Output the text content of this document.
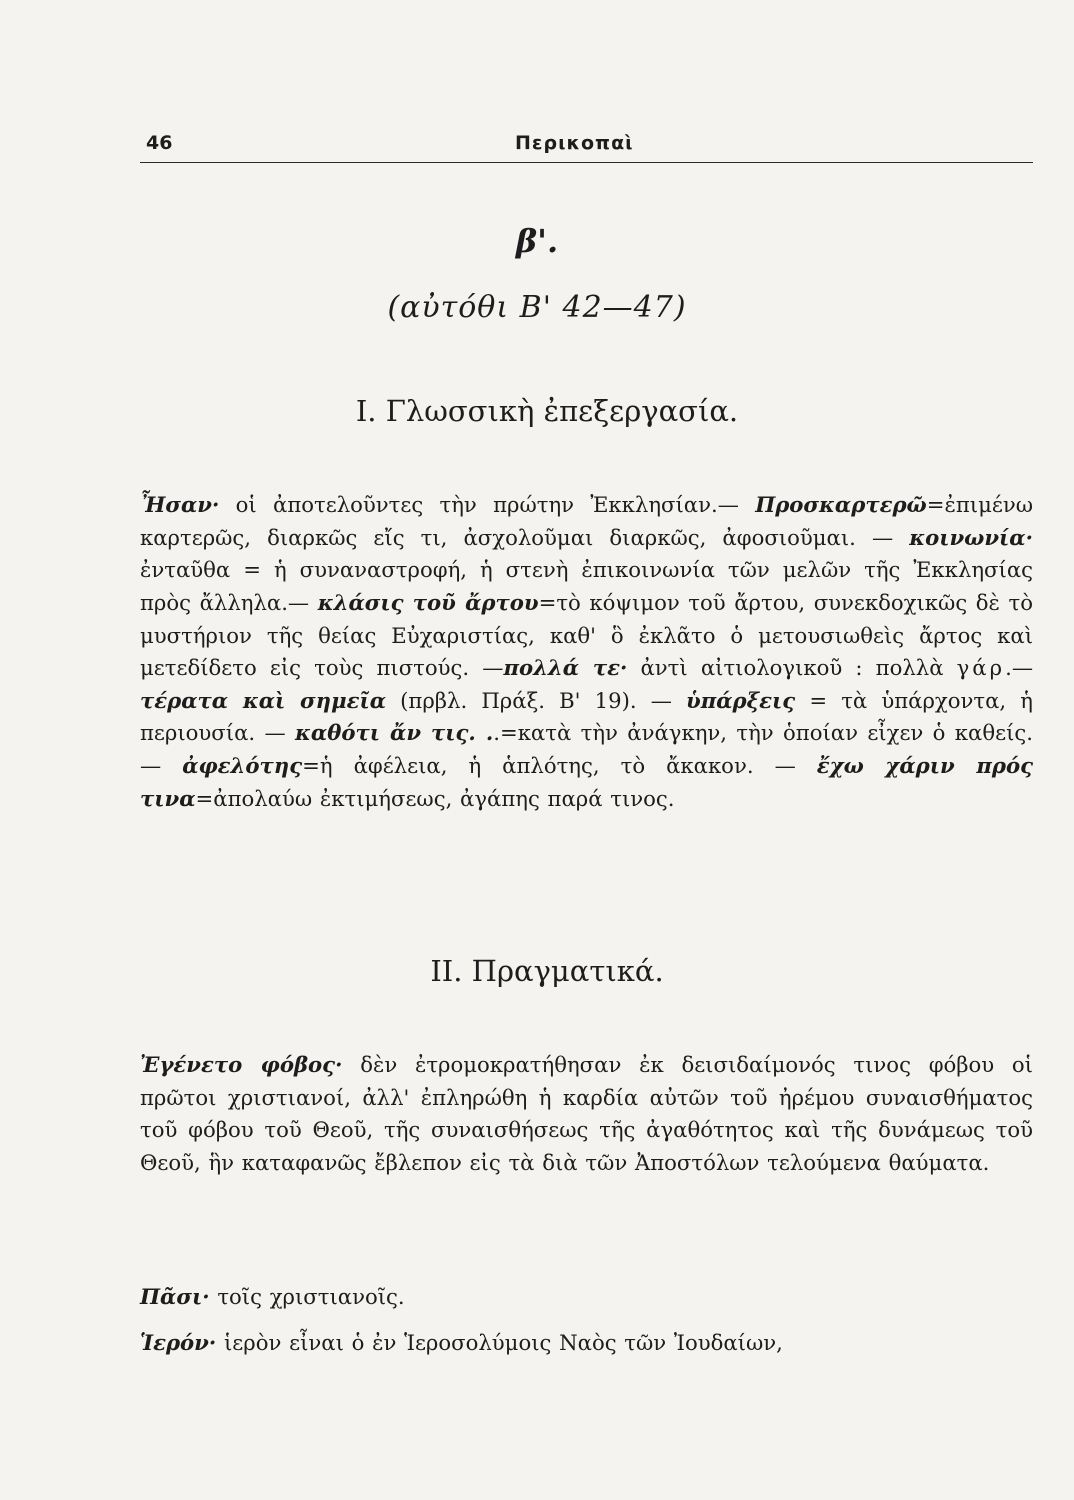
46	Περικοπαὶ
β'.
(αὐτόθι Β' 42—47)
I. Γλωσσικὴ ἐπεξεργασία.

Ἦσαν· οἱ ἀποτελοῦντες τὴν πρώτην Ἐκκλησίαν.— Προσκαρτερῶ=ἐπιμένω καρτερῶς, διαρκῶς εἴς τι, ἀσχολοῦμαι διαρκῶς, ἀφοσιοῦμαι. — κοινωνία· ἐνταῦθα = ἡ συναναστροφή, ἡ στενὴ ἐπικοινωνία τῶν μελῶν τῆς Ἐκκλησίας πρὸς ἄλληλα.— κλάσις τοῦ ἄρτου=τὸ κόψιμον τοῦ ἄρτου, συνεκδοχικῶς δὲ τὸ μυστήριον τῆς θείας Εὐχαριστίας, καθ' ὃ ἐκλᾶτο ὁ μετουσιωθεὶς ἄρτος καὶ μετεδίδετο εἰς τοὺς πιστούς. —πολλά τε· ἀντὶ αἰτιολογικοῦ : πολλὰ γάρ.— τέρατα καὶ σημεῖα (πρβλ. Πράξ. Β' 19). — ὑπάρξεις = τὰ ὑπάρχοντα, ἡ περιουσία. — καθότι ἄν τις. ..=κατὰ τὴν ἀνάγκην, τὴν ὁποίαν εἶχεν ὁ καθείς.— ἀφελότης=ἡ ἀφέλεια, ἡ ἁπλότης, τὸ ἄκακον. — ἔχω χάριν πρός τινα=ἀπολαύω ἐκτιμήσεως, ἀγάπης παρά τινος.

II. Πραγματικά.

Ἐγένετο φόβος· δὲν ἐτρομοκρατήθησαν ἐκ δεισιδαίμονός τινος φόβου οἱ πρῶτοι χριστιανοί, ἀλλ' ἐπληρώθη ἡ καρδία αὐτῶν τοῦ ἠρέμου συναισθήματος τοῦ φόβου τοῦ Θεοῦ, τῆς συναισθήσεως τῆς ἀγαθότητος καὶ τῆς δυνάμεως τοῦ Θεοῦ, ἣν καταφανῶς ἔβλεπον εἰς τὰ διὰ τῶν Ἀποστόλων τελούμενα θαύματα.

Πᾶσι· τοῖς χριστιανοῖς.

Ἱερόν· ἱερὸν εἶναι ὁ ἐν Ἱεροσολύμοις Ναὸς τῶν Ἰουδαίων,
